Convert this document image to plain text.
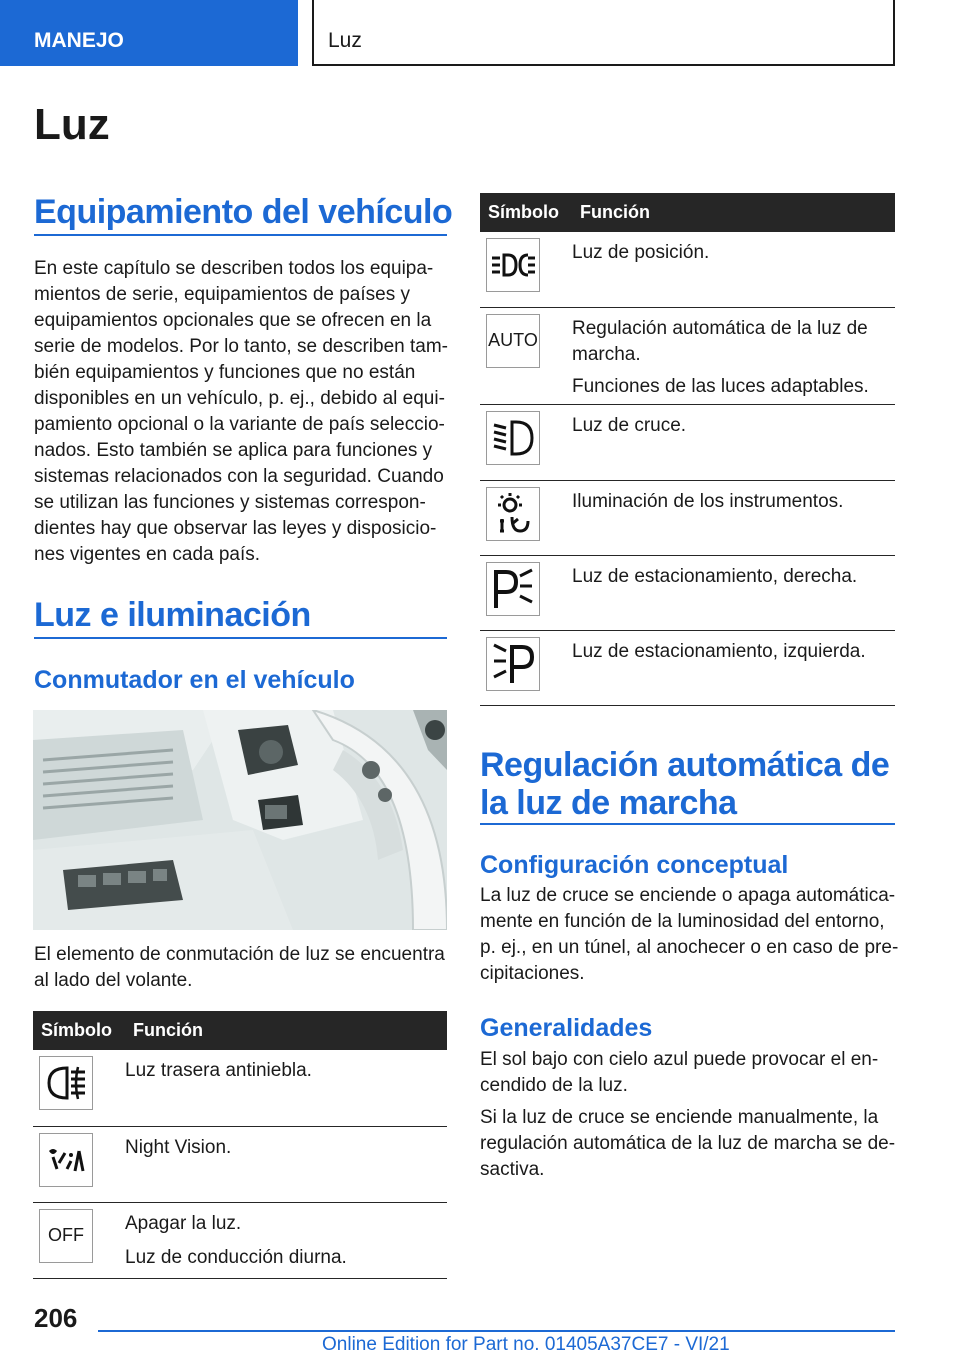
MANEJO	Luz
Luz
Equipamiento del vehículo

En este capítulo se describen todos los equipa-

mientos de serie, equipamientos de países y

equipamientos opcionales que se ofrecen en la

serie de modelos. Por lo tanto, se describen tam-

bién equipamientos y funciones que no están

disponibles en un vehículo, p. ej., debido al equi-

pamiento opcional o la variante de país seleccio-

nados. Esto también se aplica para funciones y

sistemas relacionados con la seguridad. Cuando

se utilizan las funciones y sistemas correspon-

dientes hay que observar las leyes y disposicio-

nes vigentes en cada país.

Luz e iluminación
Conmutador en el vehículo

El elemento de conmutación de luz se encuentra

al lado del volante.

Símbolo	Función

Luz trasera antiniebla.

Night Vision.

OFF	Apagar la luz.

Luz de conducción diurna.

Símbolo	Función

Luz de posición.

AUTO	Regulación automática de la luz de marcha.

Funciones de las luces adaptables.

Luz de cruce.

Iluminación de los instrumentos.

Luz de estacionamiento, derecha.

Luz de estacionamiento, izquierda.

Regulación automática de
la luz de marcha
Configuración conceptual

La luz de cruce se enciende o apaga automática-

mente en función de la luminosidad del entorno,

p. ej., en un túnel, al anochecer o en caso de pre-

cipitaciones.

Generalidades

El sol bajo con cielo azul puede provocar el en-

cendido de la luz.

Si la luz de cruce se enciende manualmente, la

regulación automática de la luz de marcha se de-

sactiva.

206
Online Edition for Part no. 01405A37CE7 - VI/21
